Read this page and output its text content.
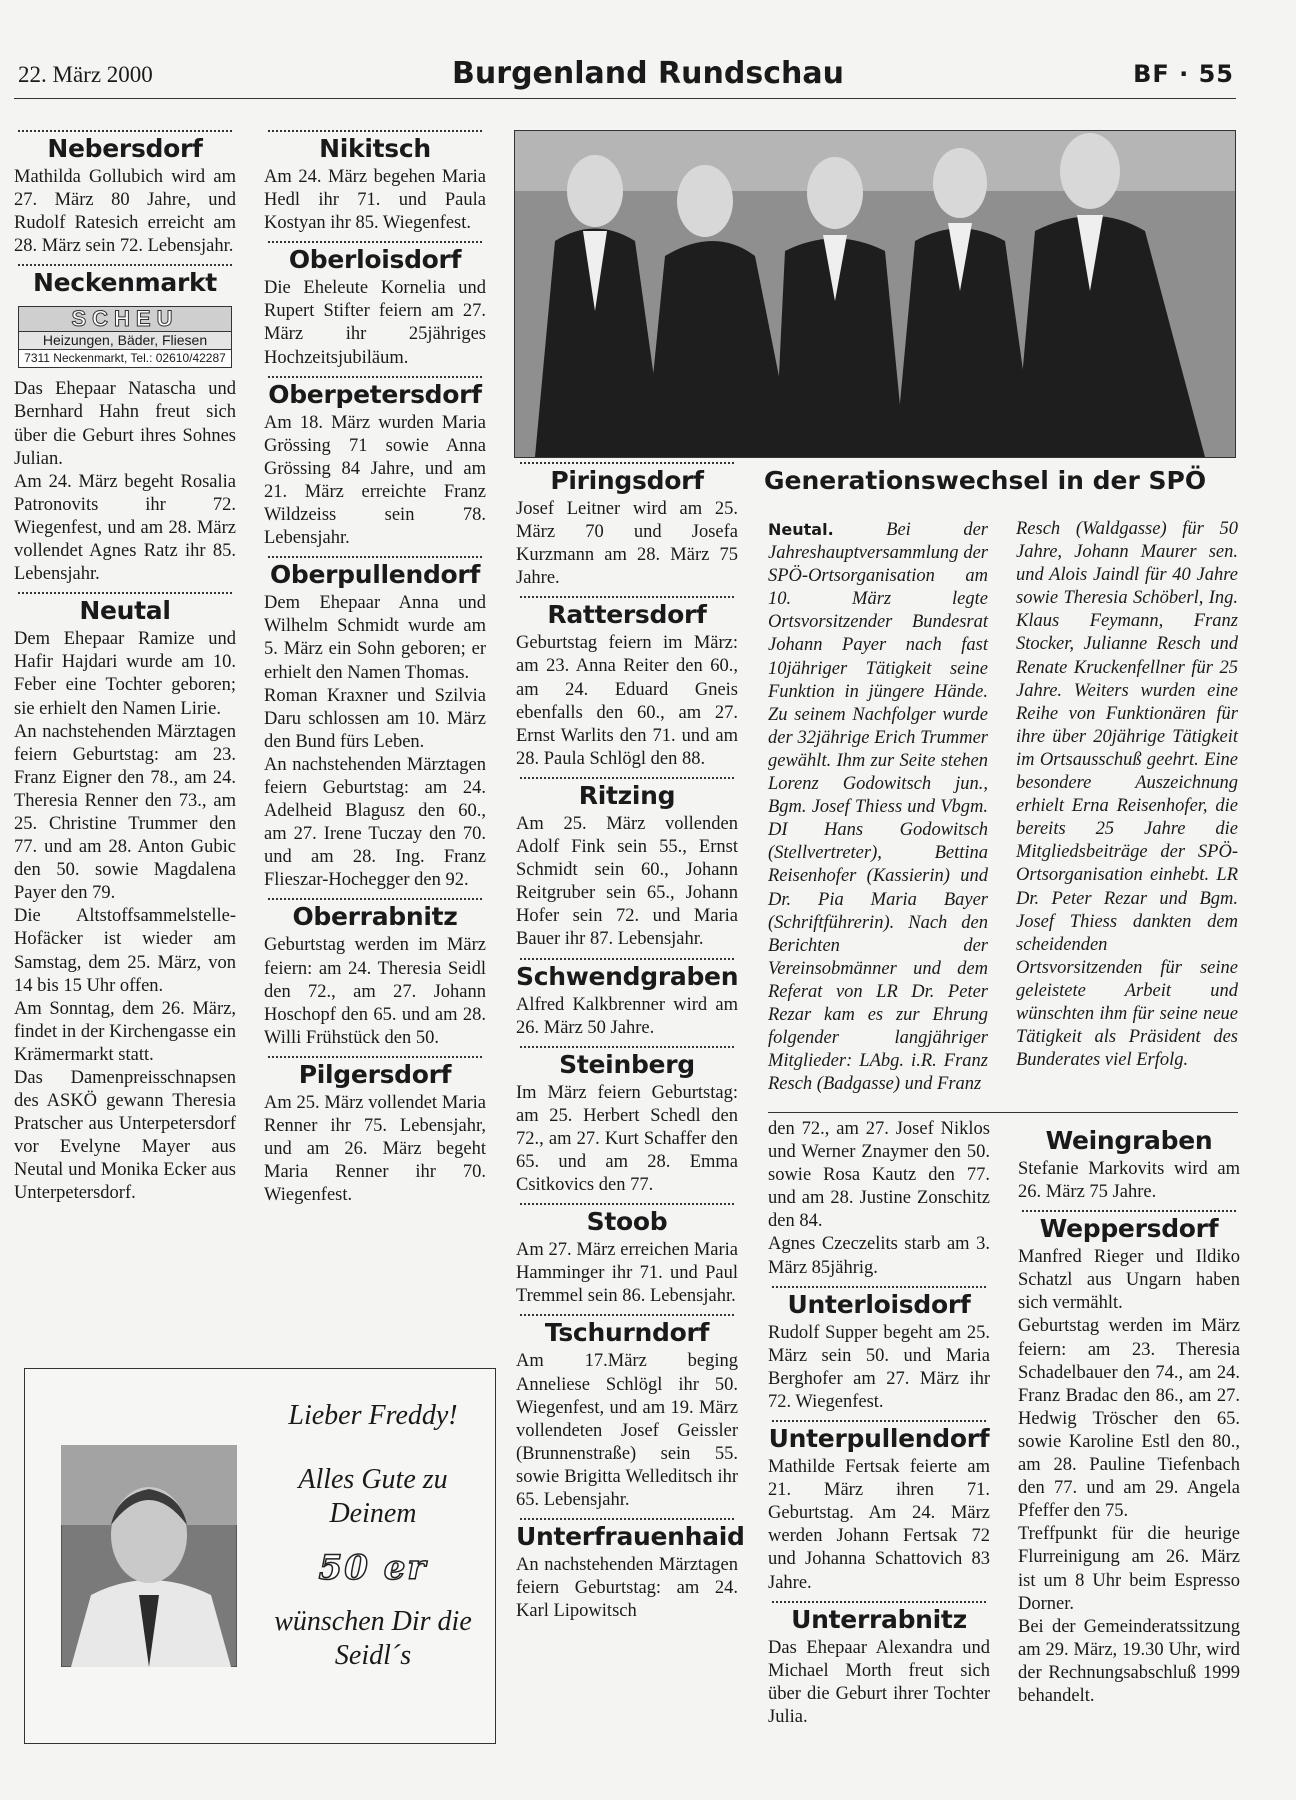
22. März 2000	Burgenland Rundschau	BF · 55
Nebersdorf

Mathilda Gollubich wird am 27. März 80 Jahre, und Rudolf Ratesich erreicht am 28. März sein 72. Lebensjahr.

Neckenmarkt
SCHEU
Heizungen, Bäder, Fliesen
7311 Neckenmarkt, Tel.: 02610/42287

Das Ehepaar Natascha und Bernhard Hahn freut sich über die Geburt ihres Sohnes Julian.
Am 24. März begeht Rosalia Patronovits ihr 72. Wiegenfest, und am 28. März vollendet Agnes Ratz ihr 85. Lebensjahr.

Neutal

Dem Ehepaar Ramize und Hafir Hajdari wurde am 10. Feber eine Tochter geboren; sie erhielt den Namen Lirie.
An nachstehenden Märztagen feiern Geburtstag: am 23. Franz Eigner den 78., am 24. Theresia Renner den 73., am 25. Christine Trummer den 77. und am 28. Anton Gubic den 50. sowie Magdalena Payer den 79.
Die Altstoffsammelstelle-Hofäcker ist wieder am Samstag, dem 25. März, von 14 bis 15 Uhr offen.
Am Sonntag, dem 26. März, findet in der Kirchengasse ein Krämermarkt statt.
Das Damenpreisschnapsen des ASKÖ gewann Theresia Pratscher aus Unterpetersdorf vor Evelyne Mayer aus Neutal und Monika Ecker aus Unterpetersdorf.

Nikitsch

Am 24. März begehen Maria Hedl ihr 71. und Paula Kostyan ihr 85. Wiegenfest.

Oberloisdorf

Die Eheleute Kornelia und Rupert Stifter feiern am 27. März ihr 25jähriges Hochzeitsjubiläum.

Oberpetersdorf

Am 18. März wurden Maria Grössing 71 sowie Anna Grössing 84 Jahre, und am 21. März erreichte Franz Wildzeiss sein 78. Lebensjahr.

Oberpullendorf

Dem Ehepaar Anna und Wilhelm Schmidt wurde am 5. März ein Sohn geboren; er erhielt den Namen Thomas.
Roman Kraxner und Szilvia Daru schlossen am 10. März den Bund fürs Leben.
An nachstehenden Märztagen feiern Geburtstag: am 24. Adelheid Blagusz den 60., am 27. Irene Tuczay den 70. und am 28. Ing. Franz Flieszar-Hochegger den 92.

Oberrabnitz

Geburtstag werden im März feiern: am 24. Theresia Seidl den 72., am 27. Johann Hoschopf den 65. und am 28. Willi Frühstück den 50.

Pilgersdorf

Am 25. März vollendet Maria Renner ihr 75. Lebensjahr, und am 26. März begeht Maria Renner ihr 70. Wiegenfest.

Generationswechsel in der SPÖ
Piringsdorf

Josef Leitner wird am 25. März 70 und Josefa Kurzmann am 28. März 75 Jahre.

Rattersdorf

Geburtstag feiern im März: am 23. Anna Reiter den 60., am 24. Eduard Gneis ebenfalls den 60., am 27. Ernst Warlits den 71. und am 28. Paula Schlögl den 88.

Ritzing

Am 25. März vollenden Adolf Fink sein 55., Ernst Schmidt sein 60., Johann Reitgruber sein 65., Johann Hofer sein 72. und Maria Bauer ihr 87. Lebensjahr.

Schwendgraben

Alfred Kalkbrenner wird am 26. März 50 Jahre.

Steinberg

Im März feiern Geburtstag: am 25. Herbert Schedl den 72., am 27. Kurt Schaffer den 65. und am 28. Emma Csitkovics den 77.

Stoob

Am 27. März erreichen Maria Hamminger ihr 71. und Paul Tremmel sein 86. Lebensjahr.

Tschurndorf

Am 17.März beging Anneliese Schlögl ihr 50. Wiegenfest, und am 19. März vollendeten Josef Geissler (Brunnenstraße) sein 55. sowie Brigitta Welleditsch ihr 65. Lebensjahr.

Unterfrauenhaid

An nachstehenden Märztagen feiern Geburtstag: am 24. Karl Lipowitsch

Neutal.	Bei der Jahreshauptversammlung der SPÖ-Ortsorganisation am 10. März legte Ortsvorsitzender Bundesrat Johann Payer nach fast 10jähriger Tätigkeit seine Funktion in jüngere Hände. Zu seinem Nachfolger wurde der 32jährige Erich Trummer gewählt. Ihm zur Seite stehen Lorenz Godowitsch jun., Bgm. Josef Thiess und Vbgm. DI Hans Godowitsch (Stellvertreter), Bettina Reisenhofer (Kassierin) und Dr. Pia Maria Bayer (Schriftführerin). Nach den Berichten der Vereinsobmänner und dem Referat von LR Dr. Peter Rezar kam es zur Ehrung folgender langjähriger Mitglieder: LAbg. i.R. Franz Resch (Badgasse) und Franz
Resch (Waldgasse) für 50 Jahre, Johann Maurer sen. und Alois Jaindl für 40 Jahre sowie Theresia Schöberl, Ing. Klaus Feymann, Franz Stocker, Julianne Resch und Renate Kruckenfellner für 25 Jahre. Weiters wurden eine Reihe von Funktionären für ihre über 20jährige Tätigkeit im Ortsausschuß geehrt. Eine besondere Auszeichnung erhielt Erna Reisenhofer, die bereits 25 Jahre die Mitgliedsbeiträge der SPÖ-Ortsorganisation einhebt. LR Dr. Peter Rezar und Bgm. Josef Thiess dankten dem scheidenden Ortsvorsitzenden für seine geleistete Arbeit und wünschten ihm für seine neue Tätigkeit als Präsident des Bunderates viel Erfolg.

den 72., am 27. Josef Niklos und Werner Znaymer den 50. sowie Rosa Kautz den 77. und am 28. Justine Zonschitz den 84.
Agnes Czeczelits starb am 3. März 85jährig.

Unterloisdorf

Rudolf Supper begeht am 25. März sein 50. und Maria Berghofer am 27. März ihr 72. Wiegenfest.

Unterpullendorf

Mathilde Fertsak feierte am 21. März ihren 71. Geburtstag. Am 24. März werden Johann Fertsak 72 und Johanna Schattovich 83 Jahre.

Unterrabnitz

Das Ehepaar Alexandra und Michael Morth freut sich über die Geburt ihrer Tochter Julia.

Weingraben

Stefanie Markovits wird am 26. März 75 Jahre.

Weppersdorf

Manfred Rieger und Ildiko Schatzl aus Ungarn haben sich vermählt.
Geburtstag werden im März feiern: am 23. Theresia Schadelbauer den 74., am 24. Franz Bradac den 86., am 27. Hedwig Tröscher den 65. sowie Karoline Estl den 80., am 28. Pauline Tiefenbach den 77. und am 29. Angela Pfeffer den 75.
Treffpunkt für die heurige Flurreinigung am 26. März ist um 8 Uhr beim Espresso Dorner.
Bei der Gemeinderatssitzung am 29. März, 19.30 Uhr, wird der Rechnungsabschluß 1999 behandelt.

Lieber Freddy!
Alles Gute zu Deinem
50 er
wünschen Dir die Seidl´s
